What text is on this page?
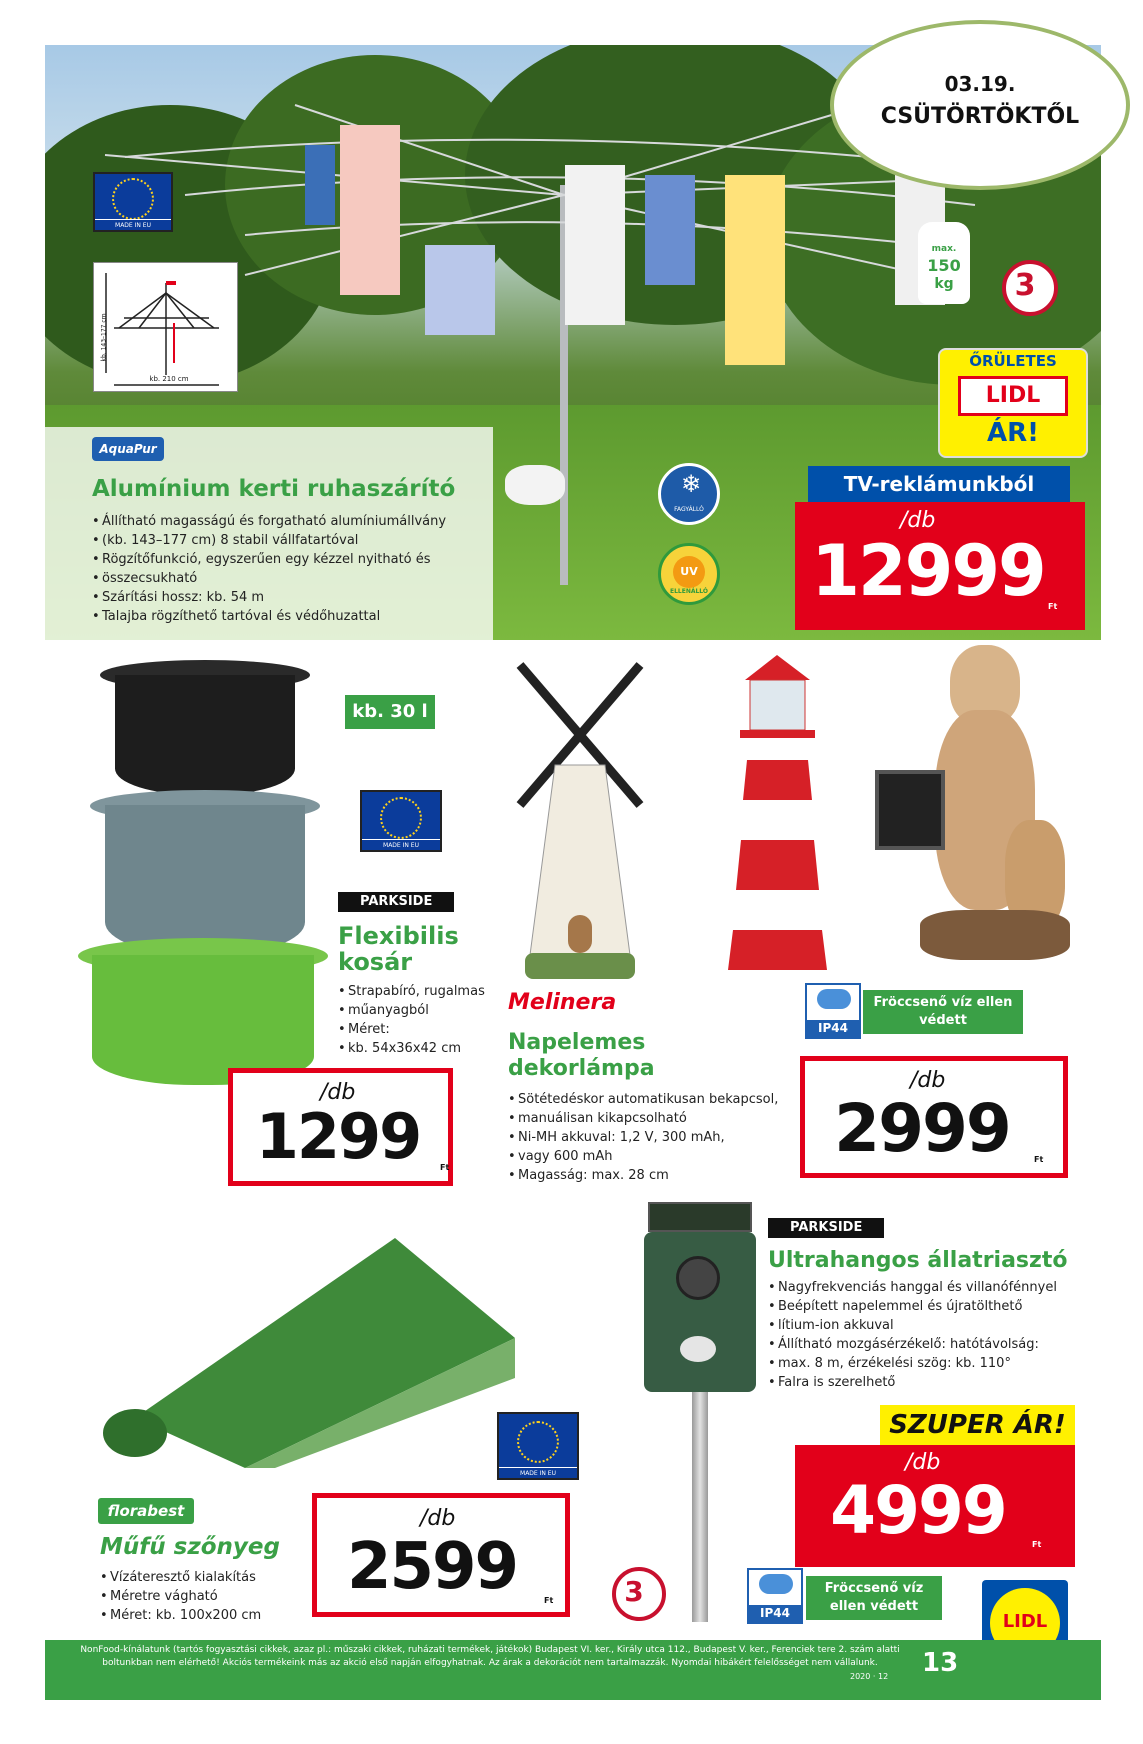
03.19.
CSÜTÖRTÖKTŐL
MADE IN EU
kb. 143–177 cm
kb. 210 cm
AquaPur
Alumínium kerti ruhaszárító
• Állítható magasságú és forgatható alumíniumállvány
• (kb. 143–177 cm) 8 stabil vállfatartóval
• Rögzítőfunkció, egyszerűen egy kézzel nyitható és
• összecsukható
• Szárítási hossz: kb. 54 m
• Talajba rögzíthető tartóval és védőhuzattal
❄
FAGYÁLLÓ
UV
ELLENÁLLÓ
max.
150
kg	3
ŐRÜLETES
LIDL
ÁR!
TV-reklámunkból
/db
12999 Ft
kb. 30 l
MADE IN EU
PARKSIDE
Flexibilis
kosár
• Strapabíró, rugalmas
• műanyagból
• Méret:
• kb. 54x36x42 cm
/db
1299	Ft
Melinera
Napelemes
dekorlámpa
• Sötétedéskor automatikusan bekapcsol,
• manuálisan kikapcsolható
• Ni-MH akkuval: 1,2 V, 300 mAh,
• vagy 600 mAh
• Magasság: max. 28 cm
IP44
Fröccsenő víz ellen
védett
/db
2999	Ft
MADE IN EU
florabest
Műfű szőnyeg
• Vízáteresztő kialakítás
• Méretre vágható
• Méret: kb. 100x200 cm
/db
2599	Ft
PARKSIDE
Ultrahangos állatriasztó
• Nagyfrekvenciás hanggal és villanófénnyel
• Beépített napelemmel és újratölthető
• lítium-ion akkuval
• Állítható mozgásérzékelő: hatótávolság:
• max. 8 m, érzékelési szög: kb. 110°
• Falra is szerelhető
SZUPER ÁR!
/db
4999	Ft
3
IP44
Fröccsenő víz
ellen védett
LIDL
NonFood-kínálatunk (tartós fogyasztási cikkek, azaz pl.: műszaki cikkek, ruházati termékek, játékok) Budapest VI. ker., Király utca 112., Budapest V. ker., Ferenciek tere 2. szám alatti
boltunkban nem elérhető! Akciós termékeink más az akció első napján elfogyhatnak. Az árak a dekorációt nem tartalmazzák. Nyomdai hibákért felelősséget nem vállalunk.
2020 · 12 13
